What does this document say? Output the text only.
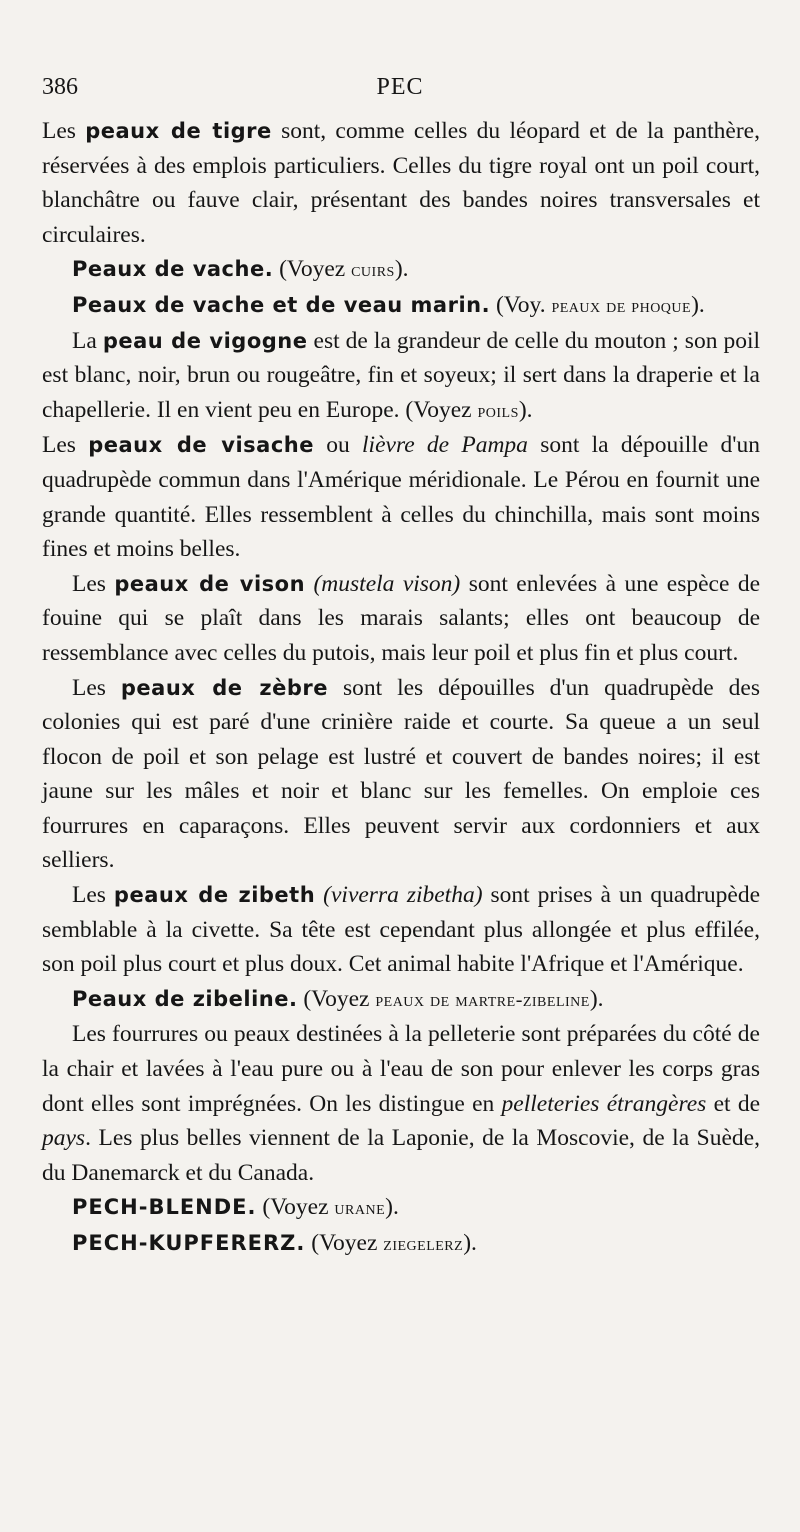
386	PEC

Les peaux de tigre sont, comme celles du léopard et de la panthère, réservées à des emplois particuliers. Celles du tigre royal ont un poil court, blanchâtre ou fauve clair, présentant des bandes noires transversales et circulaires.

Peaux de vache. (Voyez cuirs).

Peaux de vache et de veau marin. (Voy. peaux de phoque).

La peau de vigogne est de la grandeur de celle du mouton ; son poil est blanc, noir, brun ou rougeâtre, fin et soyeux; il sert dans la draperie et la chapellerie. Il en vient peu en Europe. (Voyez poils).

Les peaux de visache ou lièvre de Pampa sont la dépouille d'un quadrupède commun dans l'Amérique méridionale. Le Pérou en fournit une grande quantité. Elles ressemblent à celles du chinchilla, mais sont moins fines et moins belles.

Les peaux de vison (mustela vison) sont enlevées à une espèce de fouine qui se plaît dans les marais salants; elles ont beaucoup de ressemblance avec celles du putois, mais leur poil et plus fin et plus court.

Les peaux de zèbre sont les dépouilles d'un quadrupède des colonies qui est paré d'une crinière raide et courte. Sa queue a un seul flocon de poil et son pelage est lustré et couvert de bandes noires; il est jaune sur les mâles et noir et blanc sur les femelles. On emploie ces fourrures en caparaçons. Elles peuvent servir aux cordonniers et aux selliers.

Les peaux de zibeth (viverra zibetha) sont prises à un quadrupède semblable à la civette. Sa tête est cependant plus allongée et plus effilée, son poil plus court et plus doux. Cet animal habite l'Afrique et l'Amérique.

Peaux de zibeline. (Voyez peaux de martre-zibeline).

Les fourrures ou peaux destinées à la pelleterie sont préparées du côté de la chair et lavées à l'eau pure ou à l'eau de son pour enlever les corps gras dont elles sont imprégnées. On les distingue en pelleteries étrangères et de pays. Les plus belles viennent de la Laponie, de la Moscovie, de la Suède, du Danemarck et du Canada.

PECH-BLENDE. (Voyez urane).

PECH-KUPFERERZ. (Voyez ziegelerz).
